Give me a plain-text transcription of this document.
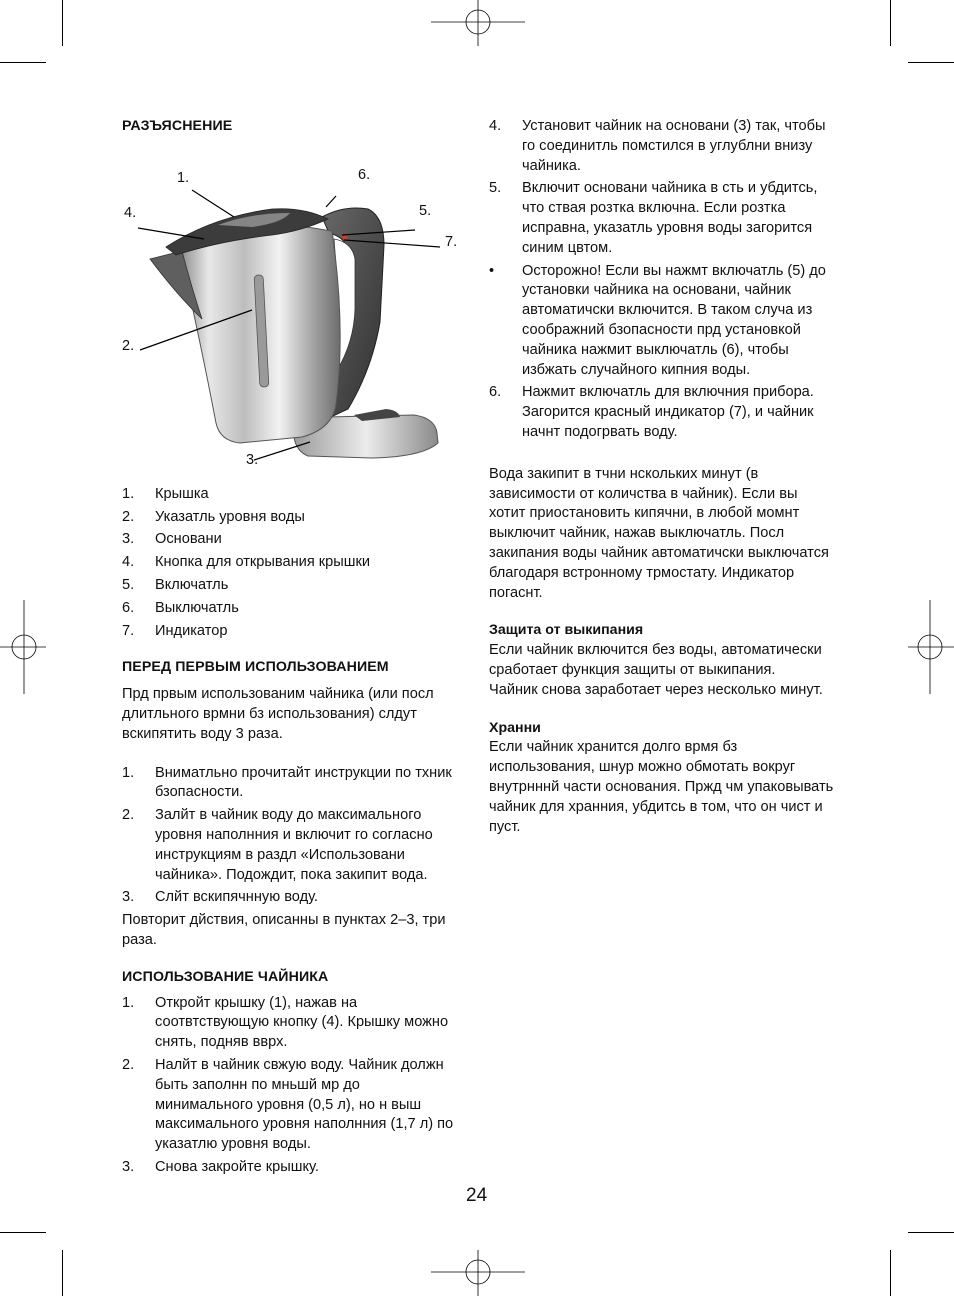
РАЗЪЯСНЕНИЕ
1.
2.
3.
4.	5.
6.
7.
1. Крышка
2. Указатль уровня воды
3. Основани
4. Кнопка для открывания крышки
5. Включатль
6. Выключатль
7. Индикатор
ПЕРЕД ПЕРВЫМ ИСПОЛЬЗОВАНИЕМ

Прд првым использованим чайника (или посл длитльного врмни бз использования) слдут вскипятить воду 3 раза.

1. Вниматльно прочитайт инструкции по тхник бзопасности.
2. Залйт в чайник воду до максимального уровня наполнния и включит го согласно инструкциям в раздл «Использовани чайника». Подождит, пока закипит вода.
3. Слйт вскипячнную воду.

Повторит дйствия, описанны в пунктах 2–3, три раза.

ИСПОЛЬЗОВАНИЕ ЧАЙНИКА
1. Откройт крышку (1), нажав на соотвтствующую кнопку (4). Крышку можно снять, подняв вврх.
2. Налйт в чайник свжую воду. Чайник должн быть заполнн по мньшй мр до минимального уровня (0,5 л), но н выш максимального уровня наполнния (1,7 л) по указатлю уровня воды.
3. Снова закройте крышку.
4. Установит чайник на основани (3) так, чтобы го соединитль помстился в углублни внизу чайника.
5. Включит основани чайника в сть и убдитсь, что ствая розтка включна. Если розтка исправна, указатль уровня воды загорится синим цвтом.
• Осторожно! Если вы нажмт включатль (5) до установки чайника на основани, чайник автоматичски включится. В таком случа из соображний бзопасности прд установкой чайника нажмит выключатль (6), чтобы избжать случайного кипния воды.
6. Нажмит включатль для включния прибора. Загорится красный индикатор (7), и чайник начнт подогрвать воду.

Вода закипит в тчни нскольких минут (в зависимости от количства в чайник). Если вы хотит приостановить кипячни, в любой момнт выключит чайник, нажав выключатль. Посл закипания воды чайник автоматичски выключатся благодаря встронному трмостату. Индикатор погаснт.

Защита от выкипания

Если чайник включится без воды, автоматически сработает функция защиты от выкипания.

Чайник снова заработает через несколько минут.

Хранни

Если чайник хранится долго врмя бз использования, шнур можно обмотать вокруг внутрнннй части основания. Пржд чм упаковывать чайник для хранния, убдитсь в том, что он чист и пуст.

24
